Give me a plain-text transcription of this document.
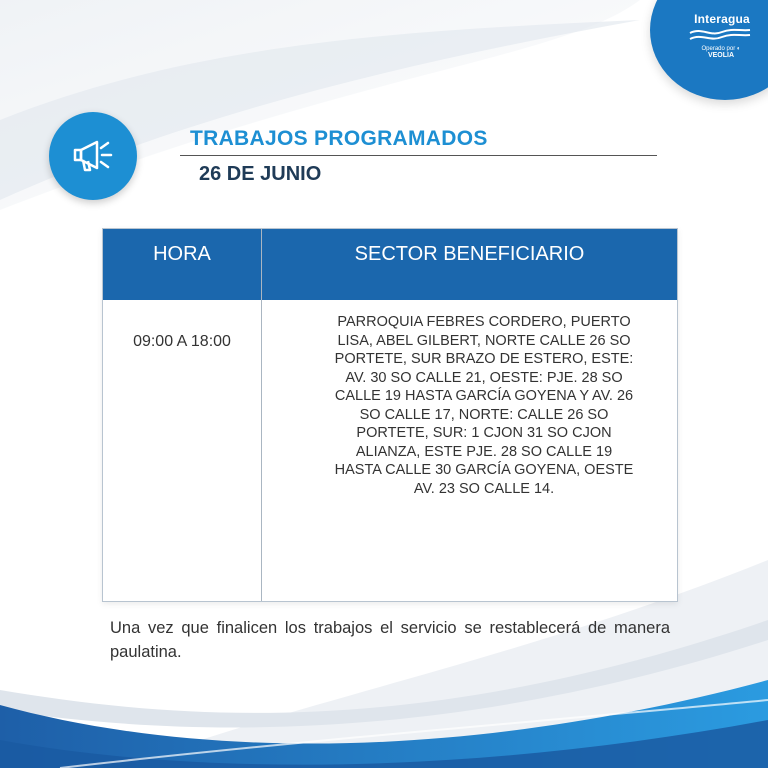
Interagua
Operado por ◐ VEOLIA
TRABAJOS PROGRAMADOS
26 DE JUNIO
HORA	SECTOR BENEFICIARIO
09:00 A 18:00
PARROQUIA FEBRES CORDERO, PUERTO LISA, ABEL GILBERT, NORTE CALLE 26 SO PORTETE, SUR BRAZO DE ESTERO, ESTE: AV. 30 SO CALLE 21, OESTE: PJE. 28 SO CALLE 19 HASTA GARCÍA GOYENA Y AV. 26 SO CALLE 17, NORTE: CALLE 26 SO PORTETE, SUR: 1 CJON 31 SO CJON ALIANZA, ESTE PJE. 28 SO CALLE 19 HASTA CALLE 30 GARCÍA GOYENA, OESTE AV. 23 SO CALLE 14.
Una vez que finalicen los trabajos el servicio se restablecerá de manera paulatina.
